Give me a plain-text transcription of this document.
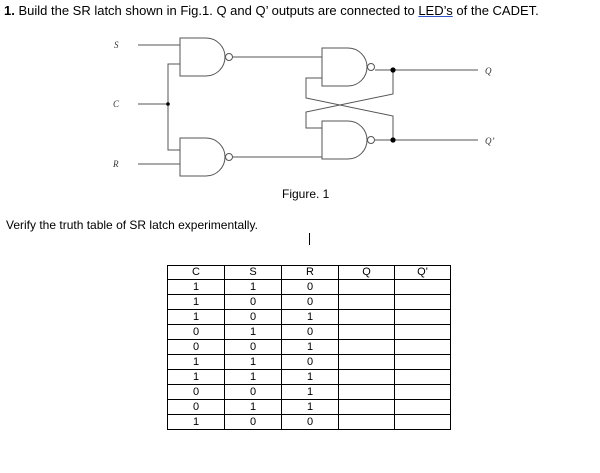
1. Build the SR latch shown in Fig.1. Q and Q’ outputs are connected to LED’s of the CADET.
S
C
R
Q
Q’
Figure. 1
Verify the truth table of SR latch experimentally.
C	S	R	Q	Q'
1	1	0		
1	0	0		
1	0	1		
0	1	0		
0	0	1		
1	1	0		
1	1	1		
0	0	1		
0	1	1		
1	0	0		
